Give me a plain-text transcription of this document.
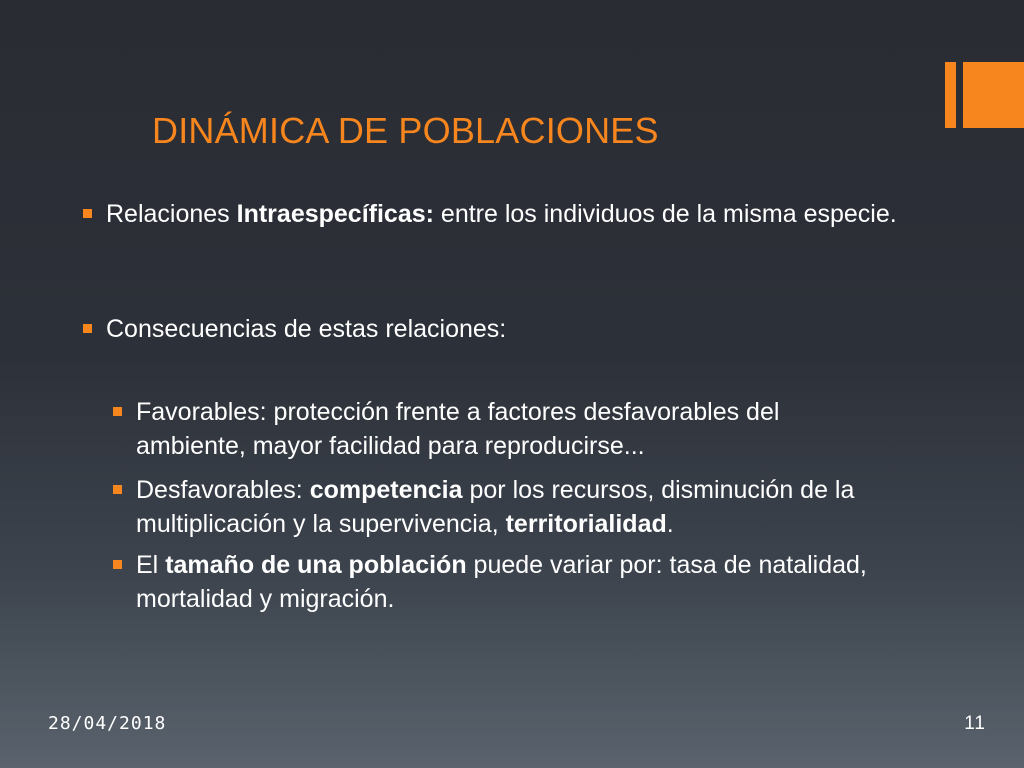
DINÁMICA DE POBLACIONES
Relaciones Intraespecíficas: entre los individuos de la misma especie.
Consecuencias de estas relaciones:
Favorables: protección frente a factores desfavorables del ambiente, mayor facilidad para reproducirse...
Desfavorables: competencia por los recursos, disminución de la multiplicación y la supervivencia, territorialidad.
El tamaño de una población puede variar por: tasa de natalidad, mortalidad y migración.
28/04/2018	11
